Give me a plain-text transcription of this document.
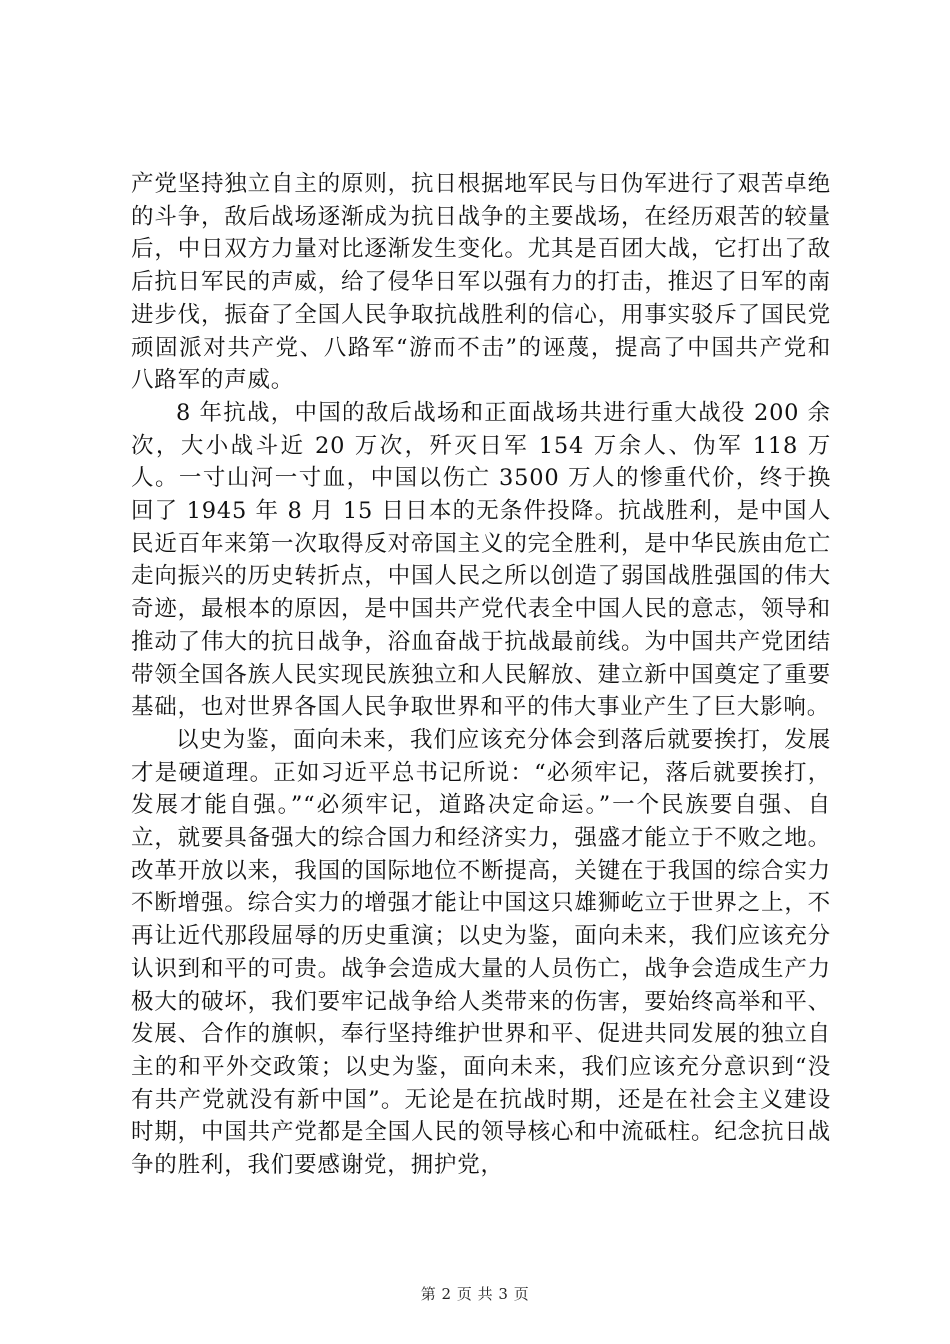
产党坚持独立自主的原则，抗日根据地军民与日伪军进行了艰苦卓绝的斗争，敌后战场逐渐成为抗日战争的主要战场，在经历艰苦的较量后，中日双方力量对比逐渐发生变化。尤其是百团大战，它打出了敌后抗日军民的声威，给了侵华日军以强有力的打击，推迟了日军的南进步伐，振奋了全国人民争取抗战胜利的信心，用事实驳斥了国民党顽固派对共产党、八路军“游而不击”的诬蔑，提高了中国共产党和八路军的声威。

8 年抗战，中国的敌后战场和正面战场共进行重大战役 200 余次，大小战斗近 20 万次，歼灭日军 154 万余人、伪军 118 万人。一寸山河一寸血，中国以伤亡 3500 万人的惨重代价，终于换回了 1945 年 8 月 15 日日本的无条件投降。抗战胜利，是中国人民近百年来第一次取得反对帝国主义的完全胜利，是中华民族由危亡走向振兴的历史转折点，中国人民之所以创造了弱国战胜强国的伟大奇迹，最根本的原因，是中国共产党代表全中国人民的意志，领导和推动了伟大的抗日战争，浴血奋战于抗战最前线。为中国共产党团结带领全国各族人民实现民族独立和人民解放、建立新中国奠定了重要基础，也对世界各国人民争取世界和平的伟大事业产生了巨大影响。

以史为鉴，面向未来，我们应该充分体会到落后就要挨打，发展才是硬道理。正如习近平总书记所说：“必须牢记，落后就要挨打，发展才能自强。”“必须牢记，道路决定命运。”一个民族要自强、自立，就要具备强大的综合国力和经济实力，强盛才能立于不败之地。改革开放以来，我国的国际地位不断提高，关键在于我国的综合实力不断增强。综合实力的增强才能让中国这只雄狮屹立于世界之上，不再让近代那段屈辱的历史重演；以史为鉴，面向未来，我们应该充分认识到和平的可贵。战争会造成大量的人员伤亡，战争会造成生产力极大的破坏，我们要牢记战争给人类带来的伤害，要始终高举和平、发展、合作的旗帜，奉行坚持维护世界和平、促进共同发展的独立自主的和平外交政策；以史为鉴，面向未来，我们应该充分意识到“没有共产党就没有新中国”。无论是在抗战时期，还是在社会主义建设时期，中国共产党都是全国人民的领导核心和中流砥柱。纪念抗日战争的胜利，我们要感谢党，拥护党，

第 2 页 共 3 页
